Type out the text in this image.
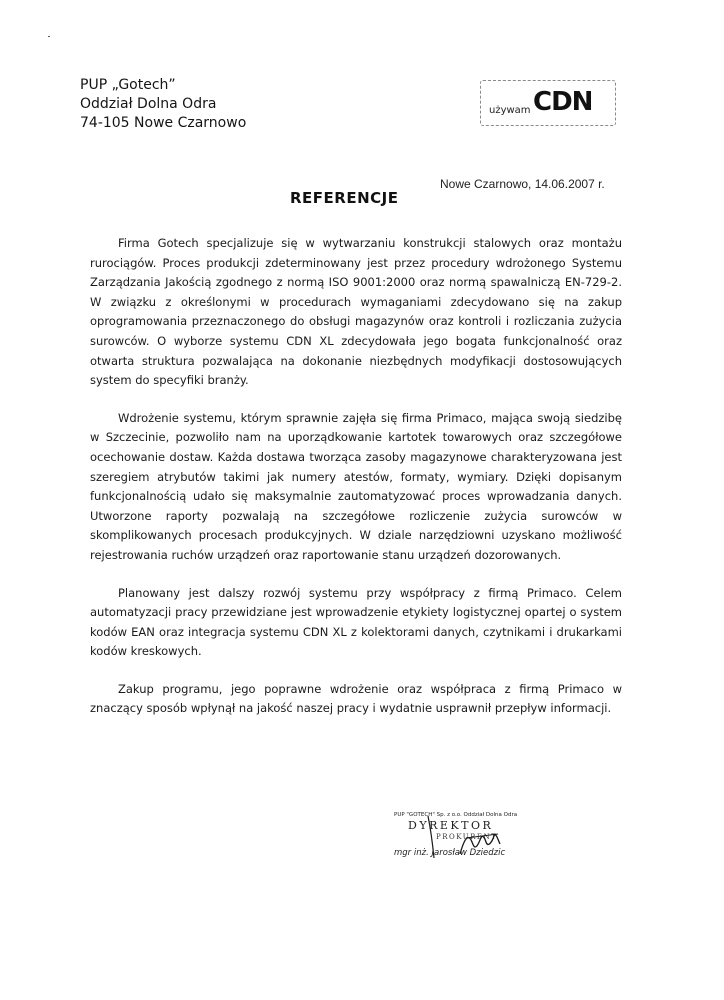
PUP „Gotech”
Oddział Dolna Odra
74-105 Nowe Czarnowo
używam CDN
Nowe Czarnowo, 14.06.2007 r.
REFERENCJE

Firma Gotech specjalizuje się w wytwarzaniu konstrukcji stalowych oraz montażu rurociągów. Proces produkcji zdeterminowany jest przez procedury wdrożonego Systemu Zarządzania Jakością zgodnego z normą ISO 9001:2000 oraz normą spawalniczą EN-729-2. W związku z określonymi w procedurach wymaganiami zdecydowano się na zakup oprogramowania przeznaczonego do obsługi magazynów oraz kontroli i rozliczania zużycia surowców. O wyborze systemu CDN XL zdecydowała jego bogata funkcjonalność oraz otwarta struktura pozwalająca na dokonanie niezbędnych modyfikacji dostosowujących system do specyfiki branży.

Wdrożenie systemu, którym sprawnie zajęła się firma Primaco, mająca swoją siedzibę w Szczecinie, pozwoliło nam na uporządkowanie kartotek towarowych oraz szczegółowe ocechowanie dostaw. Każda dostawa tworząca zasoby magazynowe charakteryzowana jest szeregiem atrybutów takimi jak numery atestów, formaty, wymiary. Dzięki dopisanym funkcjonalnością udało się maksymalnie zautomatyzować proces wprowadzania danych. Utworzone raporty pozwalają na szczegółowe rozliczenie zużycia surowców w skomplikowanych procesach produkcyjnych. W dziale narzędziowni uzyskano możliwość rejestrowania ruchów urządzeń oraz raportowanie stanu urządzeń dozorowanych.

Planowany jest dalszy rozwój systemu przy współpracy z firmą Primaco. Celem automatyzacji pracy przewidziane jest wprowadzenie etykiety logistycznej opartej o system kodów EAN oraz integracja systemu CDN XL z kolektorami danych, czytnikami i drukarkami kodów kreskowych.

Zakup programu, jego poprawne wdrożenie oraz współpraca z firmą Primaco w znaczący sposób wpłynął na jakość naszej pracy i wydatnie usprawnił przepływ informacji.

PUP "GOTECH" Sp. z o.o. Oddział Dolna Odra
DYREKTOR
PROKURENT
mgr inż. Jarosław Dziedzic
